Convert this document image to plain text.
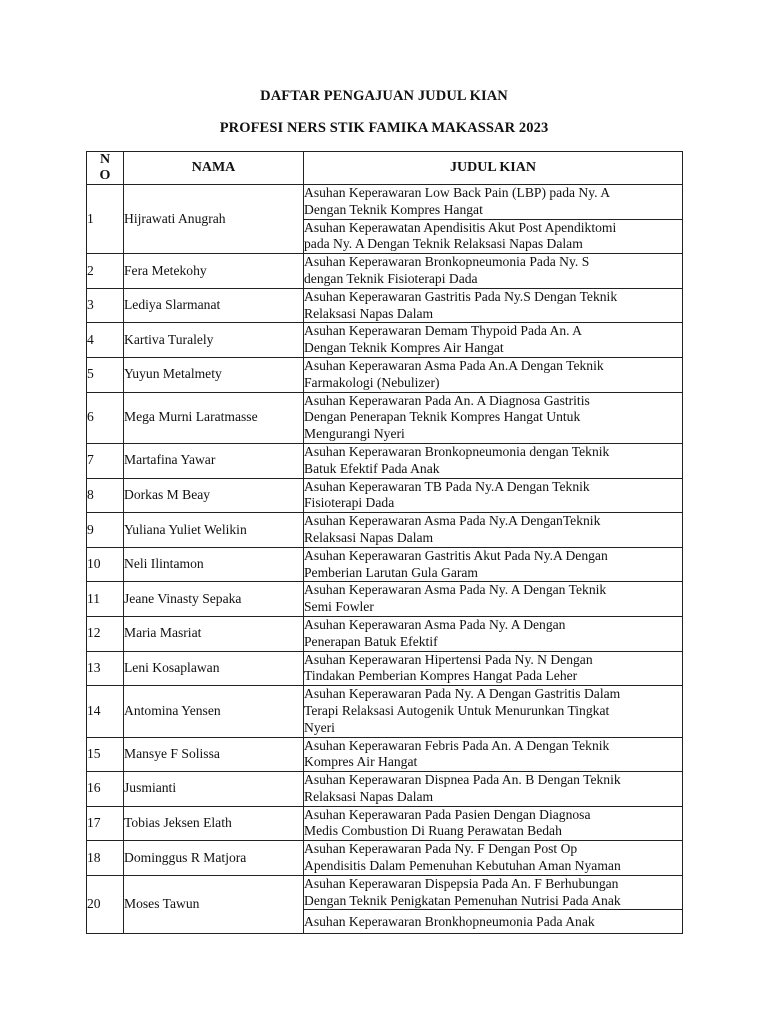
DAFTAR PENGAJUAN JUDUL KIAN
PROFESI NERS STIK FAMIKA MAKASSAR 2023
N
O	NAMA	JUDUL KIAN
1	Hijrawati Anugrah	Asuhan Keperawaran Low Back Pain (LBP) pada Ny. A
Dengan Teknik Kompres Hangat

		Asuhan Keperawatan Apendisitis Akut Post Apendiktomi
pada Ny. A Dengan Teknik Relaksasi Napas Dalam

2	Fera Metekohy	Asuhan Keperawaran Bronkopneumonia Pada Ny. S
dengan Teknik Fisioterapi Dada

3	Lediya Slarmanat	Asuhan Keperawaran Gastritis Pada Ny.S Dengan Teknik
Relaksasi Napas Dalam

4	Kartiva Turalely	Asuhan Keperawaran Demam Thypoid Pada An. A
Dengan Teknik Kompres Air Hangat

5	Yuyun Metalmety	Asuhan Keperawaran Asma Pada An.A Dengan Teknik
Farmakologi (Nebulizer)

6	Mega Murni Laratmasse	Asuhan Keperawaran Pada An. A Diagnosa Gastritis
Dengan Penerapan Teknik Kompres Hangat Untuk
Mengurangi Nyeri

7	Martafina Yawar	Asuhan Keperawaran Bronkopneumonia dengan Teknik
Batuk Efektif Pada Anak

8	Dorkas M Beay	Asuhan Keperawaran TB Pada Ny.A Dengan Teknik
Fisioterapi Dada

9	Yuliana Yuliet Welikin	Asuhan Keperawaran Asma Pada Ny.A DenganTeknik
Relaksasi Napas Dalam

10	Neli Ilintamon	Asuhan Keperawaran Gastritis Akut Pada Ny.A Dengan
Pemberian Larutan Gula Garam

11	Jeane Vinasty Sepaka	Asuhan Keperawaran Asma Pada Ny. A Dengan Teknik
Semi Fowler

12	Maria Masriat	Asuhan Keperawaran Asma Pada Ny. A Dengan
Penerapan Batuk Efektif

13	Leni Kosaplawan	Asuhan Keperawaran Hipertensi Pada Ny. N Dengan
Tindakan Pemberian Kompres Hangat Pada Leher

14	Antomina Yensen	Asuhan Keperawaran Pada Ny. A Dengan Gastritis Dalam
Terapi Relaksasi Autogenik Untuk Menurunkan Tingkat
Nyeri

15	Mansye F Solissa	Asuhan Keperawaran Febris Pada An. A Dengan Teknik
Kompres Air Hangat

16	Jusmianti	Asuhan Keperawaran Dispnea Pada An. B Dengan Teknik
Relaksasi Napas Dalam

17	Tobias Jeksen Elath	Asuhan Keperawaran Pada Pasien Dengan Diagnosa
Medis Combustion Di Ruang Perawatan Bedah

18	Dominggus R Matjora	Asuhan Keperawaran Pada Ny. F Dengan Post Op
Apendisitis Dalam Pemenuhan Kebutuhan Aman Nyaman

20	Moses Tawun	Asuhan Keperawaran Dispepsia Pada An. F Berhubungan
Dengan Teknik Penigkatan Pemenuhan Nutrisi Pada Anak

		Asuhan Keperawaran Bronkhopneumonia Pada Anak
